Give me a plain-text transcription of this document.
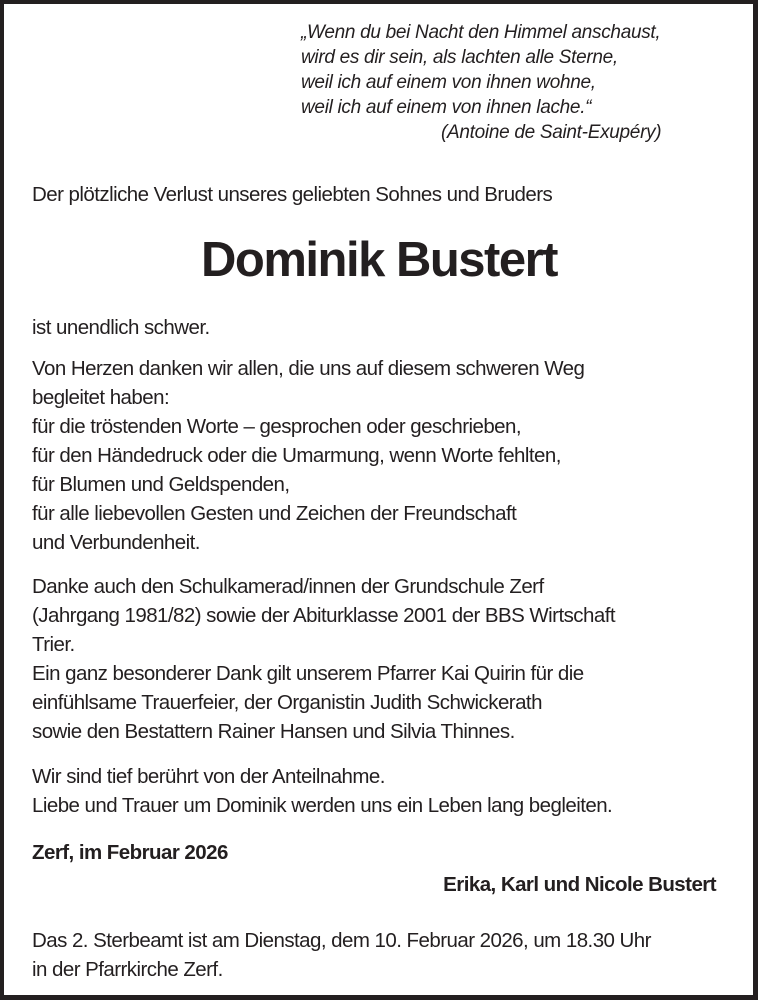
„Wenn du bei Nacht den Himmel anschaust,
wird es dir sein, als lachten alle Sterne,
weil ich auf einem von ihnen wohne,
weil ich auf einem von ihnen lache.“
(Antoine de Saint-Exupéry)
Der plötzliche Verlust unseres geliebten Sohnes und Bruders
Dominik Bustert
ist unendlich schwer.
Von Herzen danken wir allen, die uns auf diesem schweren Weg
begleitet haben:
für die tröstenden Worte – gesprochen oder geschrieben,
für den Händedruck oder die Umarmung, wenn Worte fehlten,
für Blumen und Geldspenden,
für alle liebevollen Gesten und Zeichen der Freundschaft
und Verbundenheit.
Danke auch den Schulkamerad/innen der Grundschule Zerf
(Jahrgang 1981/82) sowie der Abiturklasse 2001 der BBS Wirtschaft
Trier.
Ein ganz besonderer Dank gilt unserem Pfarrer Kai Quirin für die
einfühlsame Trauerfeier, der Organistin Judith Schwickerath
sowie den Bestattern Rainer Hansen und Silvia Thinnes.
Wir sind tief berührt von der Anteilnahme.
Liebe und Trauer um Dominik werden uns ein Leben lang begleiten.
Zerf, im Februar 2026
Erika, Karl und Nicole Bustert
Das 2. Sterbeamt ist am Dienstag, dem 10. Februar 2026, um 18.30 Uhr
in der Pfarrkirche Zerf.
